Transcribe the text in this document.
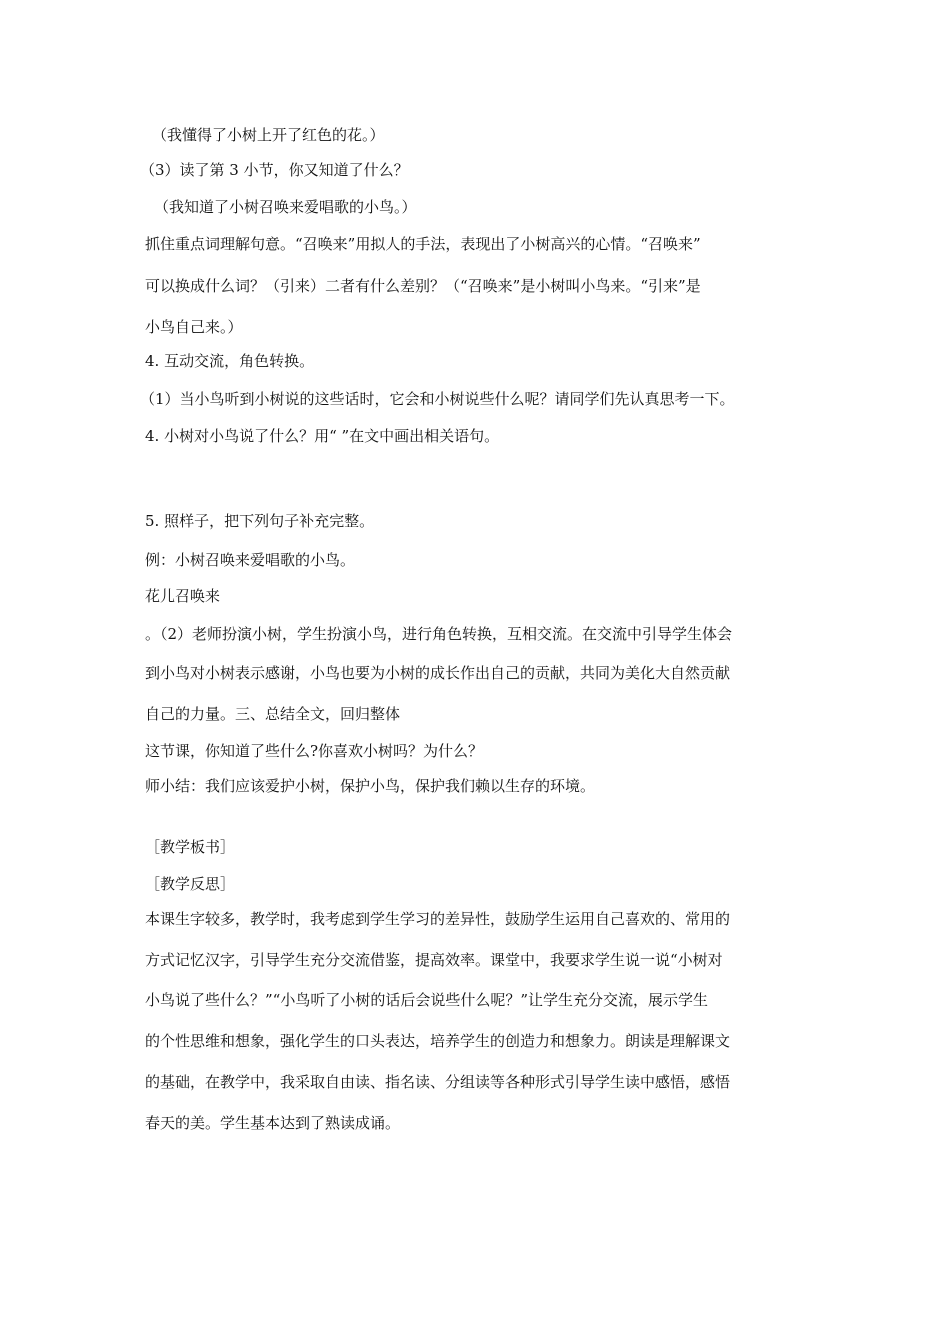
（我懂得了小树上开了红色的花。）
（3）读了第 3 小节，你又知道了什么？
（我知道了小树召唤来爱唱歌的小鸟。）
抓住重点词理解句意。“召唤来”用拟人的手法，表现出了小树高兴的心情。“召唤来”
可以换成什么词？（引来）二者有什么差别？（“召唤来”是小树叫小鸟来。“引来”是
小鸟自己来。）
4. 互动交流，角色转换。
（1）当小鸟听到小树说的这些话时，它会和小树说些什么呢？请同学们先认真思考一下。
4. 小树对小鸟说了什么？用“ ”在文中画出相关语句。
5. 照样子，把下列句子补充完整。
例：小树召唤来爱唱歌的小鸟。
花儿召唤来
。（2）老师扮演小树，学生扮演小鸟，进行角色转换，互相交流。在交流中引导学生体会
到小鸟对小树表示感谢，小鸟也要为小树的成长作出自己的贡献，共同为美化大自然贡献
自己的力量。三、总结全文，回归整体
这节课，你知道了些什么?你喜欢小树吗？为什么？
师小结：我们应该爱护小树，保护小鸟，保护我们赖以生存的环境。
［教学板书］
［教学反思］
本课生字较多，教学时，我考虑到学生学习的差异性，鼓励学生运用自己喜欢的、常用的
方式记忆汉字，引导学生充分交流借鉴，提高效率。课堂中，我要求学生说一说“小树对
小鸟说了些什么？”“小鸟听了小树的话后会说些什么呢？”让学生充分交流，展示学生
的个性思维和想象，强化学生的口头表达，培养学生的创造力和想象力。朗读是理解课文
的基础，在教学中，我采取自由读、指名读、分组读等各种形式引导学生读中感悟，感悟
春天的美。学生基本达到了熟读成诵。
